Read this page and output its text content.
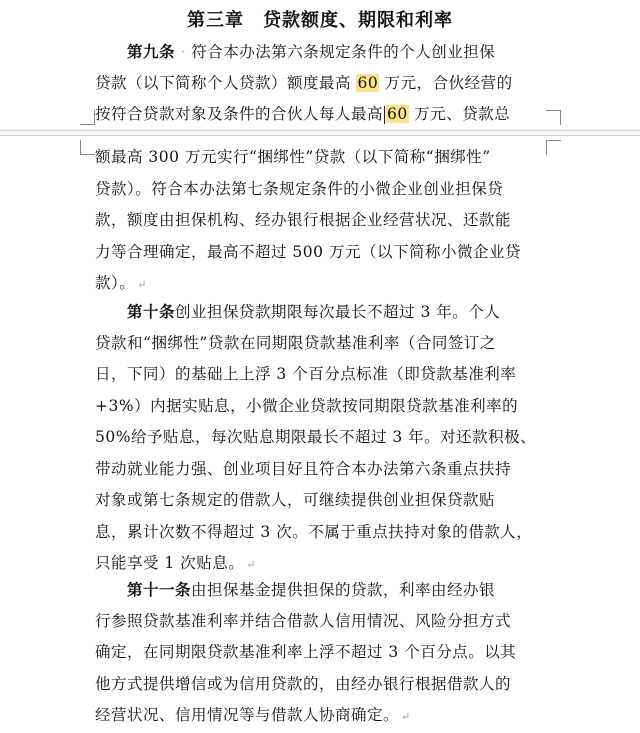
第三章　贷款额度、期限和利率

第九条 · 符合本办法第六条规定条件的个人创业担保
贷款（以下简称个人贷款）额度最高 60 万元，合伙经营的
按符合贷款对象及条件的合伙人每人最高 60 万元、贷款总

额最高 300 万元实行“捆绑性”贷款（以下简称“捆绑性”
贷款）。符合本办法第七条规定条件的小微企业创业担保贷
款，额度由担保机构、经办银行根据企业经营状况、还款能
力等合理确定，最高不超过 500 万元（以下简称小微企业贷
款）。 ↵

第十条创业担保贷款期限每次最长不超过 3 年。个人
贷款和“捆绑性”贷款在同期限贷款基准利率（合同签订之
日，下同）的基础上上浮 3 个百分点标准（即贷款基准利率
+3%）内据实贴息，小微企业贷款按同期限贷款基准利率的
50%给予贴息，每次贴息期限最长不超过 3 年。对还款积极、
带动就业能力强、创业项目好且符合本办法第六条重点扶持
对象或第七条规定的借款人，可继续提供创业担保贷款贴
息，累计次数不得超过 3 次。不属于重点扶持对象的借款人，
只能享受 1 次贴息。 ↵

第十一条由担保基金提供担保的贷款，利率由经办银
行参照贷款基准利率并结合借款人信用情况、风险分担方式
确定，在同期限贷款基准利率上浮不超过 3 个百分点。以其
他方式提供增信或为信用贷款的，由经办银行根据借款人的
经营状况、信用情况等与借款人协商确定。 ↵
